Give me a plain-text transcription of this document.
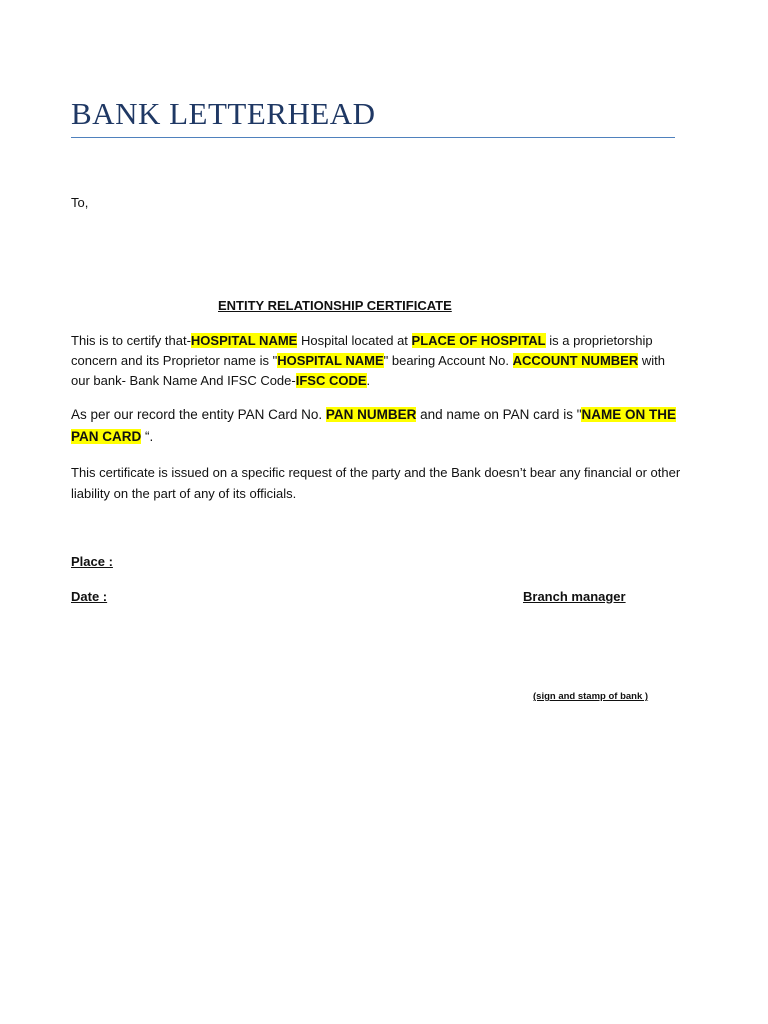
BANK LETTERHEAD
To,
ENTITY RELATIONSHIP CERTIFICATE
This is to certify that-HOSPITAL NAME Hospital located at PLACE OF HOSPITAL is a proprietorship concern and its Proprietor name is "HOSPITAL NAME" bearing Account No. ACCOUNT NUMBER with our bank- Bank Name And IFSC Code-IFSC CODE.
As per our record the entity PAN Card No. PAN NUMBER and name on PAN card is "NAME ON THE PAN CARD “.
This certificate is issued on a specific request of the party and the Bank doesn’t bear any financial or other liability on the part of any of its officials.
Place :
Date :	Branch manager
(sign and stamp of bank )
